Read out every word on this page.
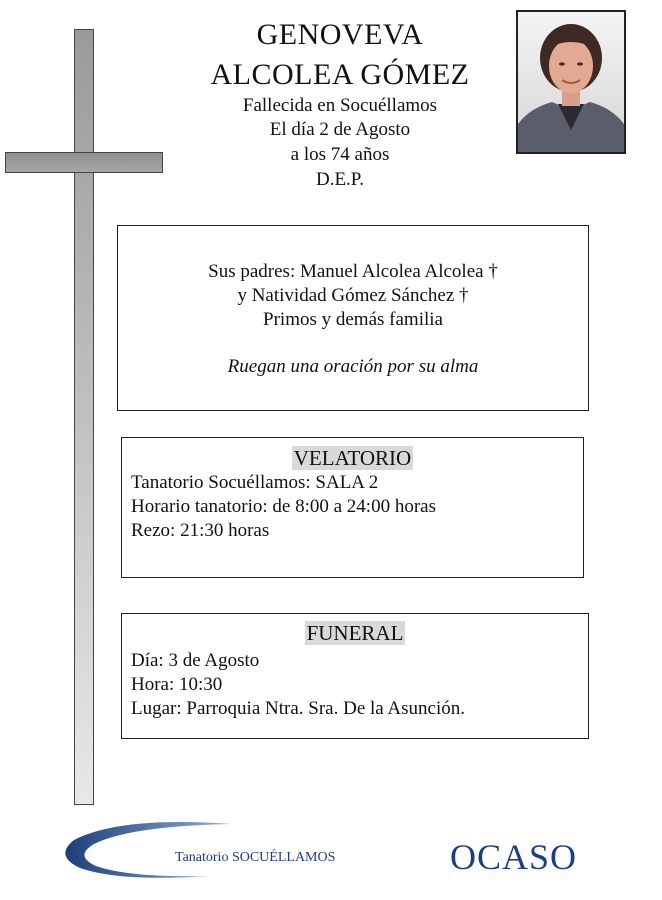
GENOVEVA
ALCOLEA GÓMEZ
Fallecida en Socuéllamos
El día 2 de Agosto
a los 74 años
D.E.P.
Sus padres: Manuel Alcolea Alcolea †
y Natividad Gómez Sánchez †
Primos y demás familia
Ruegan una oración por su alma
VELATORIO
Tanatorio Socuéllamos: SALA 2
Horario tanatorio: de 8:00 a 24:00 horas
Rezo: 21:30 horas
FUNERAL
Día: 3 de Agosto
Hora: 10:30
Lugar: Parroquia Ntra. Sra. De la Asunción.
Tanatorio SOCUÉLLAMOS	OCASO
